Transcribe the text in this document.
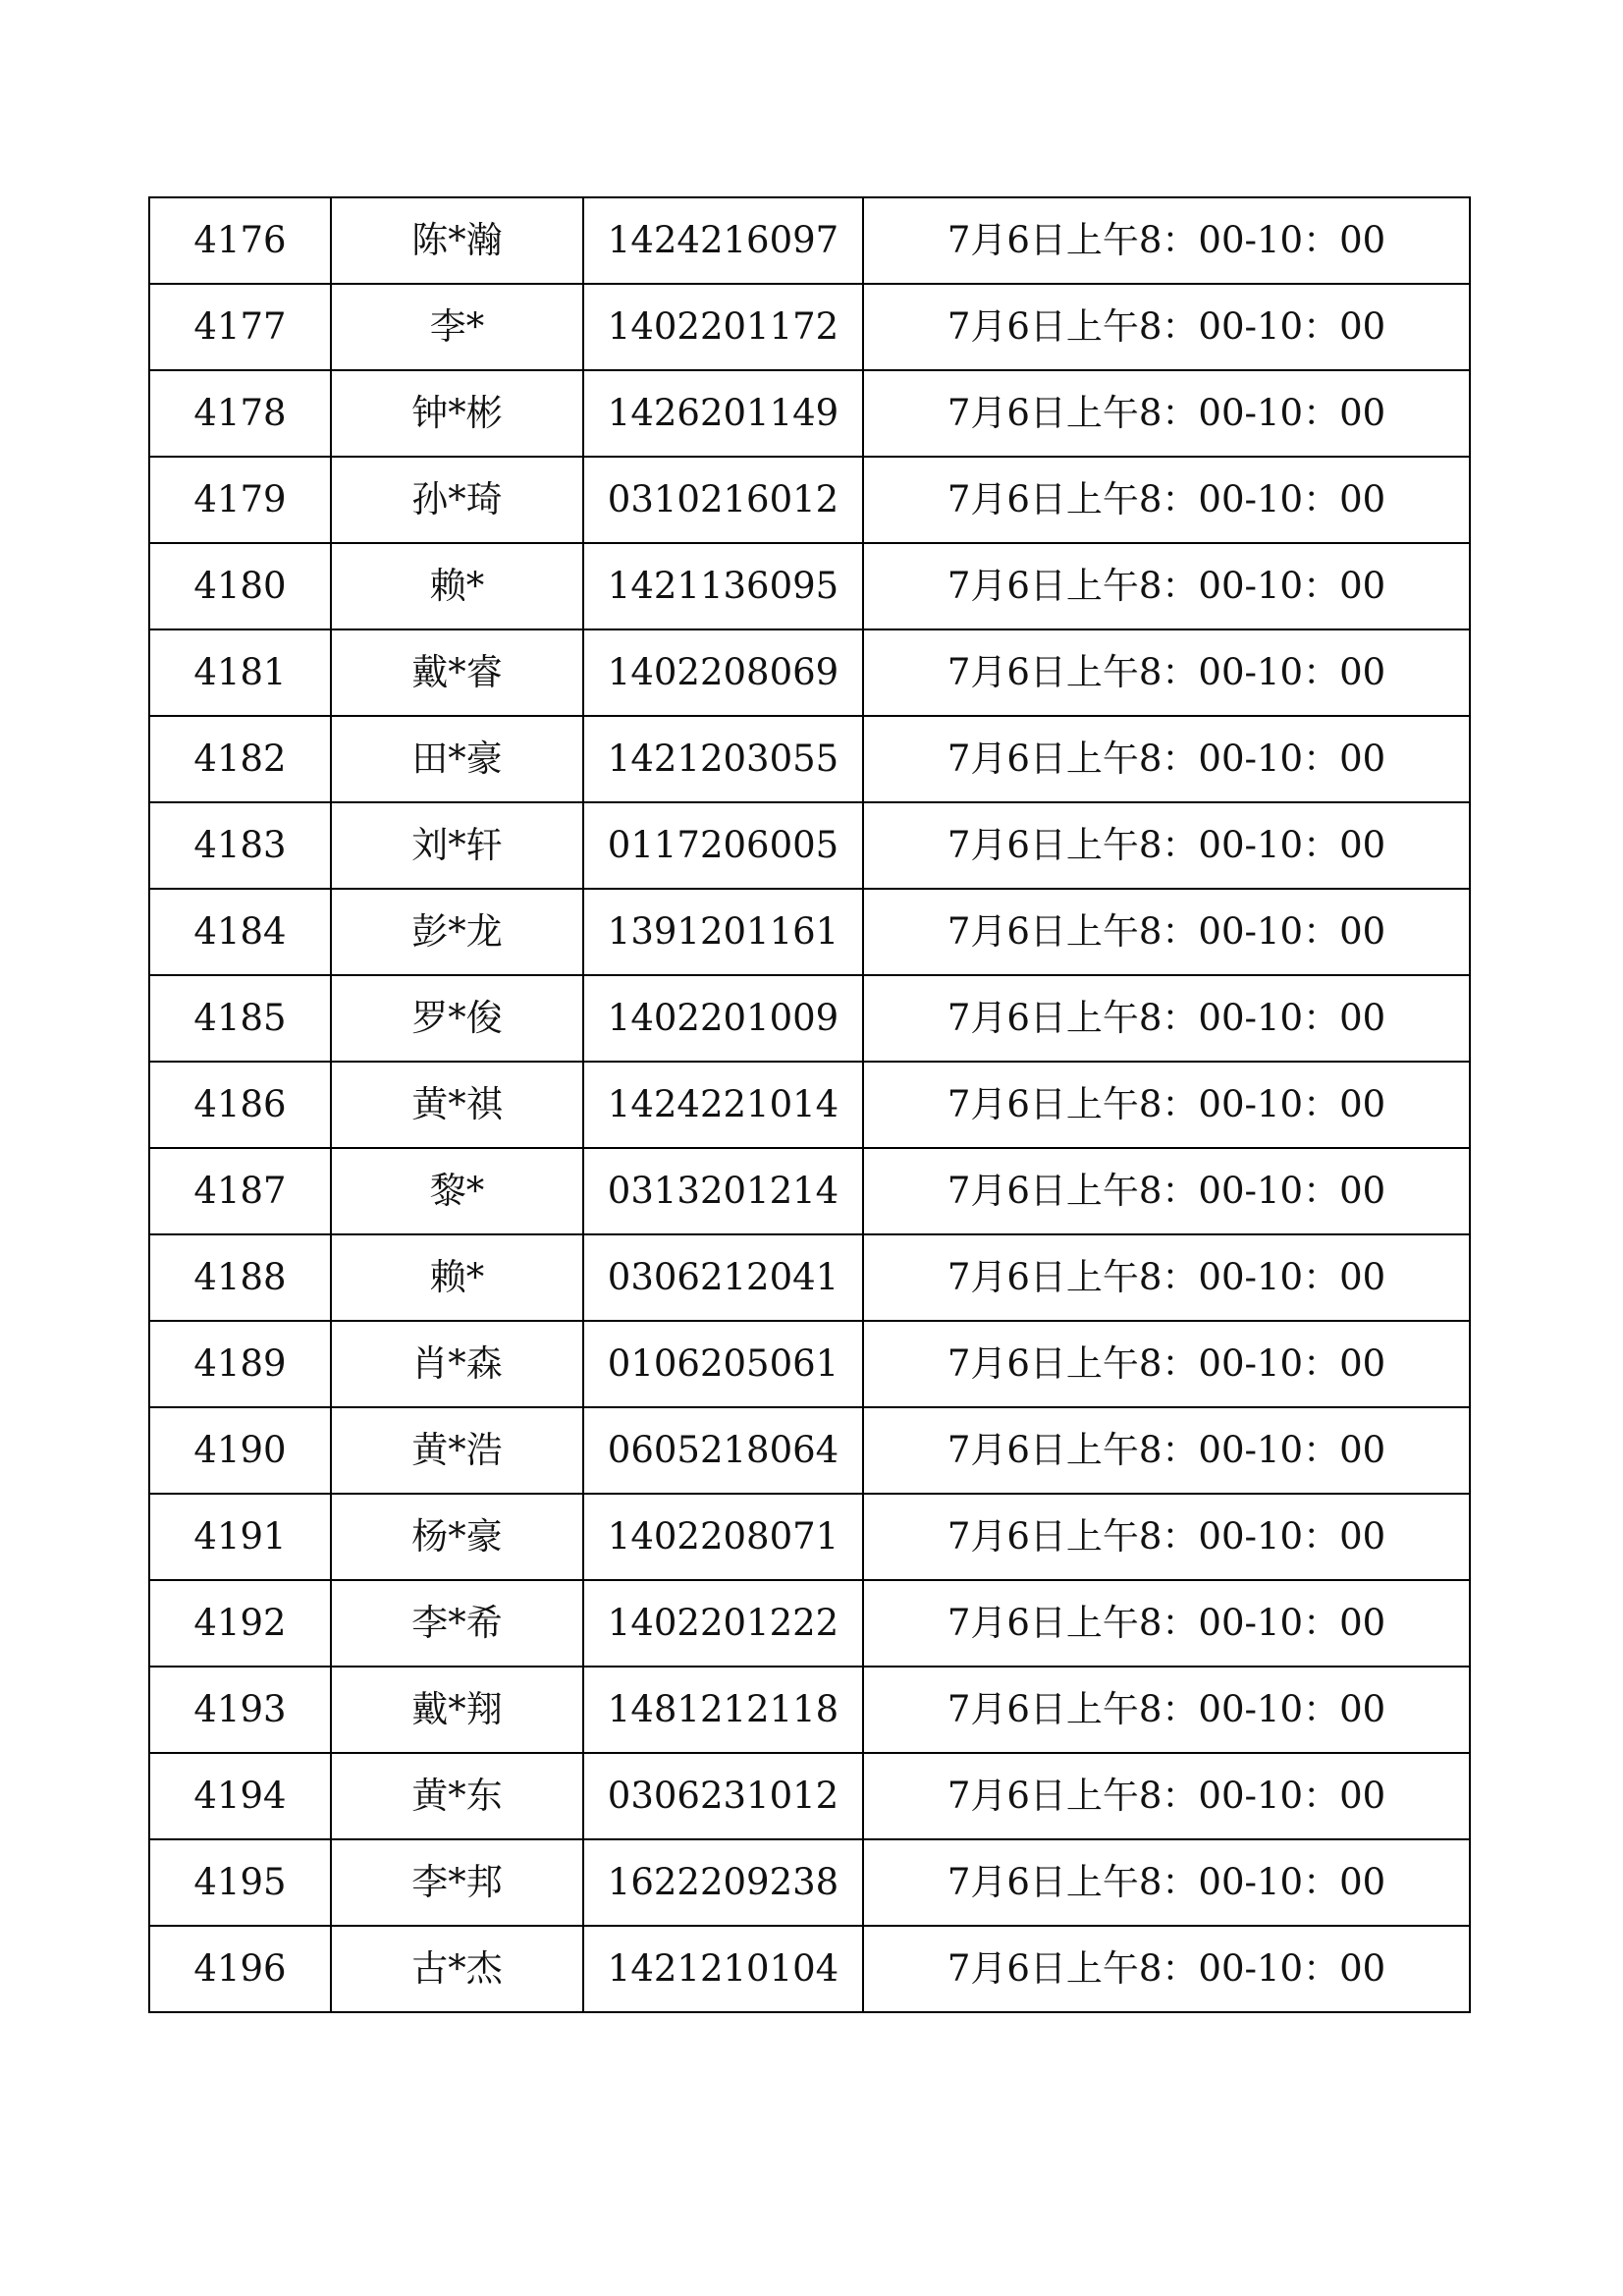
4176	陈*瀚	1424216097	7月6日上午8：00-10：00
4177	李*	1402201172	7月6日上午8：00-10：00
4178	钟*彬	1426201149	7月6日上午8：00-10：00
4179	孙*琦	0310216012	7月6日上午8：00-10：00
4180	赖*	1421136095	7月6日上午8：00-10：00
4181	戴*睿	1402208069	7月6日上午8：00-10：00
4182	田*豪	1421203055	7月6日上午8：00-10：00
4183	刘*轩	0117206005	7月6日上午8：00-10：00
4184	彭*龙	1391201161	7月6日上午8：00-10：00
4185	罗*俊	1402201009	7月6日上午8：00-10：00
4186	黄*祺	1424221014	7月6日上午8：00-10：00
4187	黎*	0313201214	7月6日上午8：00-10：00
4188	赖*	0306212041	7月6日上午8：00-10：00
4189	肖*森	0106205061	7月6日上午8：00-10：00
4190	黄*浩	0605218064	7月6日上午8：00-10：00
4191	杨*豪	1402208071	7月6日上午8：00-10：00
4192	李*希	1402201222	7月6日上午8：00-10：00
4193	戴*翔	1481212118	7月6日上午8：00-10：00
4194	黄*东	0306231012	7月6日上午8：00-10：00
4195	李*邦	1622209238	7月6日上午8：00-10：00
4196	古*杰	1421210104	7月6日上午8：00-10：00
